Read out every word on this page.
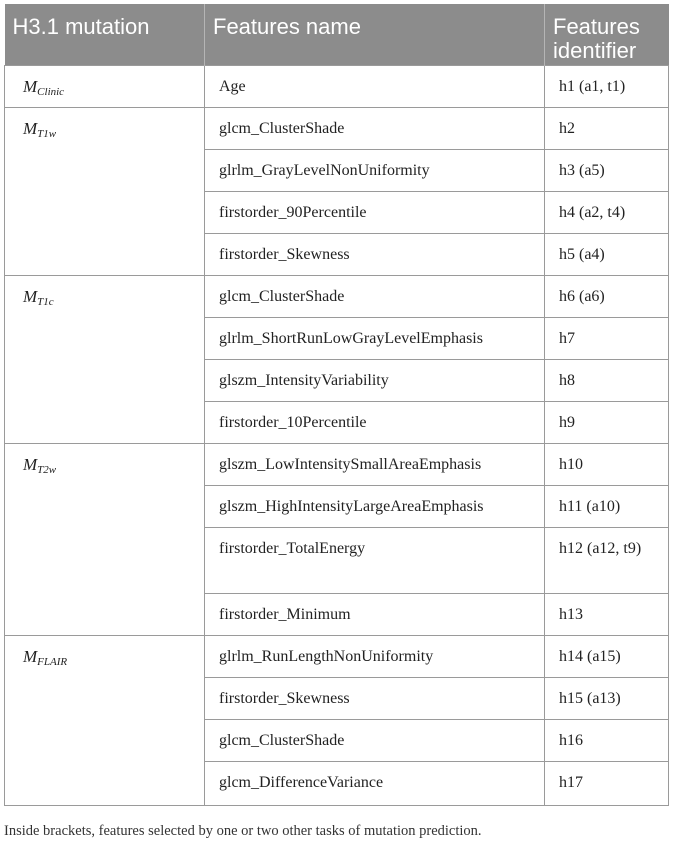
H3.1 mutation	Features name	Features identifier
$M_{Clinic}$	Age	h1 (a1, t1)
$M_{T1w}$	glcm_ClusterShade	h2
	glrlm_GrayLevelNonUniformity	h3 (a5)
	firstorder_90Percentile	h4 (a2, t4)
	firstorder_Skewness	h5 (a4)
$M_{T1c}$	glcm_ClusterShade	h6 (a6)
	glrlm_ShortRunLowGrayLevelEmphasis	h7
	glszm_IntensityVariability	h8
	firstorder_10Percentile	h9
$M_{T2w}$	glszm_LowIntensitySmallAreaEmphasis	h10
	glszm_HighIntensityLargeAreaEmphasis	h11 (a10)
	firstorder_TotalEnergy	h12 (a12, t9)
	firstorder_Minimum	h13
$M_{FLAIR}$	glrlm_RunLengthNonUniformity	h14 (a15)
	firstorder_Skewness	h15 (a13)
	glcm_ClusterShade	h16
	glcm_DifferenceVariance	h17
Inside brackets, features selected by one or two other tasks of mutation prediction.
